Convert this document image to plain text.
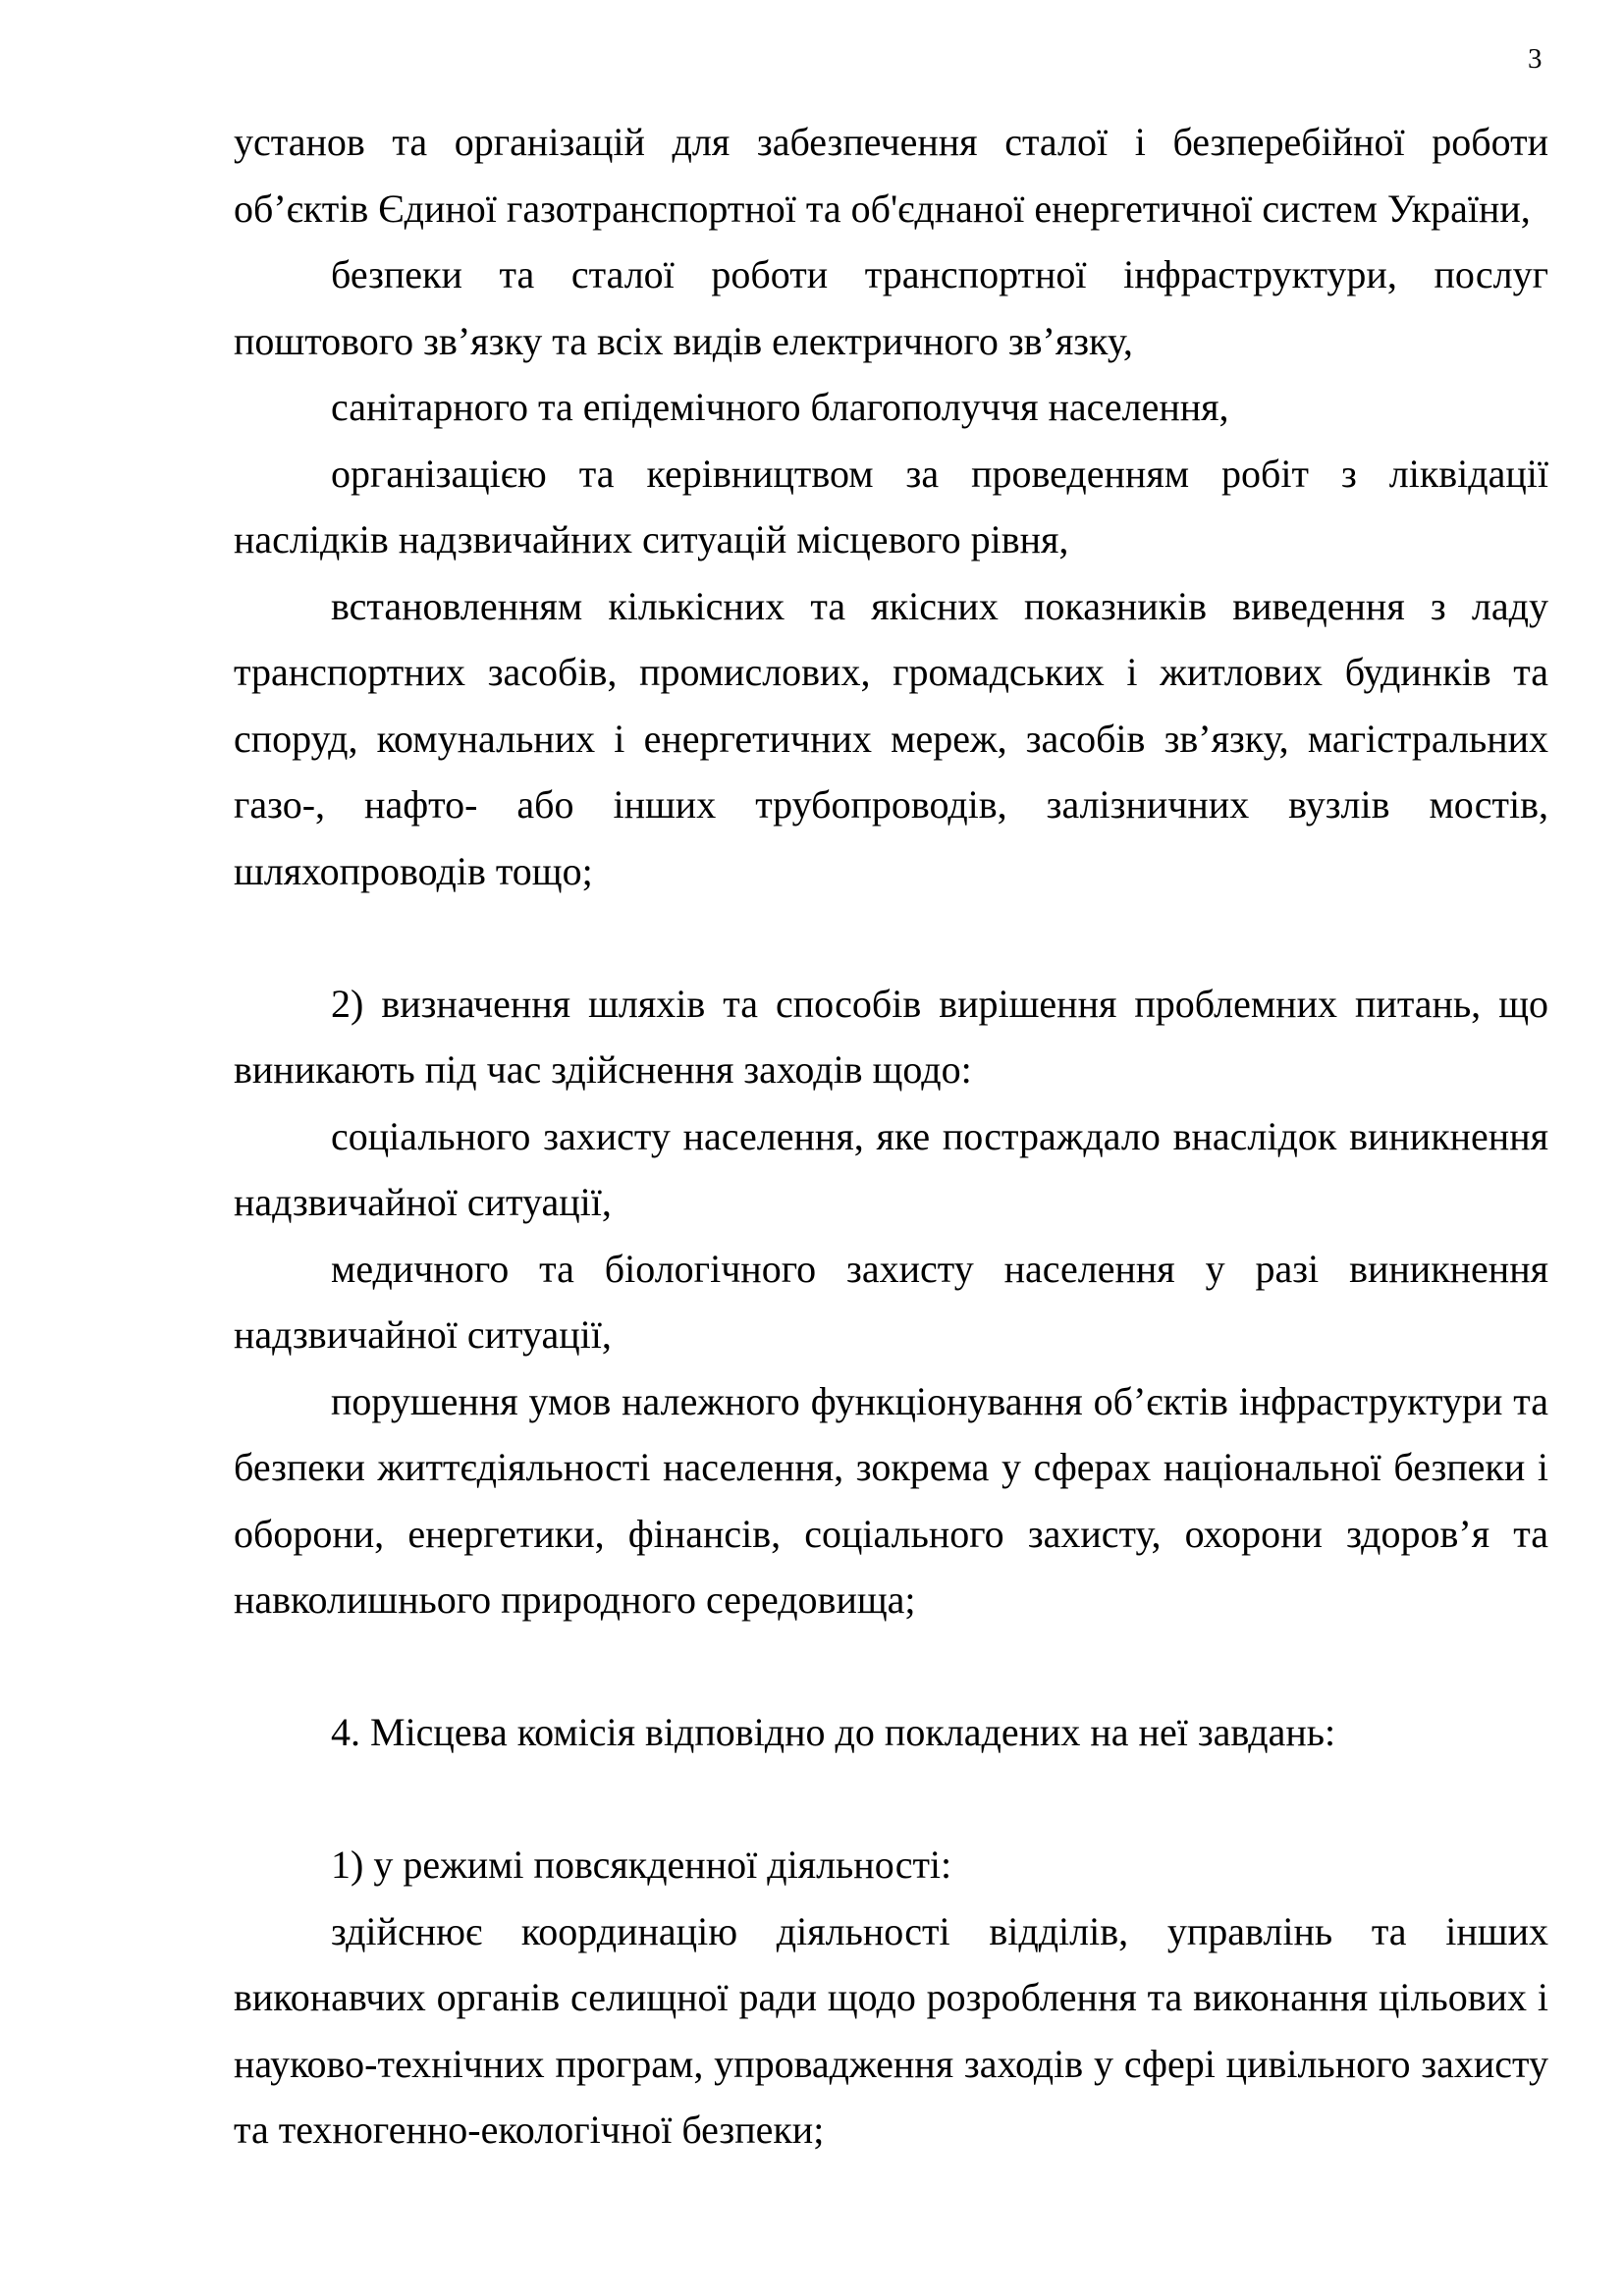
3

установ та організацій для забезпечення сталої і безперебійної роботи об’єктів Єдиної газотранспортної та об'єднаної енергетичної систем України,

безпеки та сталої роботи транспортної інфраструктури, послуг поштового зв’язку та всіх видів електричного зв’язку,

санітарного та епідемічного благополуччя населення,

організацією та керівництвом за проведенням робіт з ліквідації наслідків надзвичайних ситуацій місцевого рівня,

встановленням кількісних та якісних показників виведення з ладу транспортних засобів, промислових, громадських і житлових будинків та споруд, комунальних і енергетичних мереж, засобів зв’язку, магістральних газо-, нафто- або інших трубопроводів, залізничних вузлів мостів, шляхопроводів тощо;

2) визначення шляхів та способів вирішення проблемних питань, що виникають під час здійснення заходів щодо:

соціального захисту населення, яке постраждало внаслідок виникнення надзвичайної ситуації,

медичного та біологічного захисту населення у разі виникнення надзвичайної ситуації,

порушення умов належного функціонування об’єктів інфраструктури та безпеки життєдіяльності населення, зокрема у сферах національної безпеки і оборони, енергетики, фінансів, соціального захисту, охорони здоров’я та навколишнього природного середовища;

4. Місцева комісія відповідно до покладених на неї завдань:

1) у режимі повсякденної діяльності:

здійснює координацію діяльності відділів, управлінь та інших виконавчих органів селищної ради щодо розроблення та виконання цільових і науково-технічних програм, упровадження заходів у сфері цивільного захисту та техногенно-екологічної безпеки;
